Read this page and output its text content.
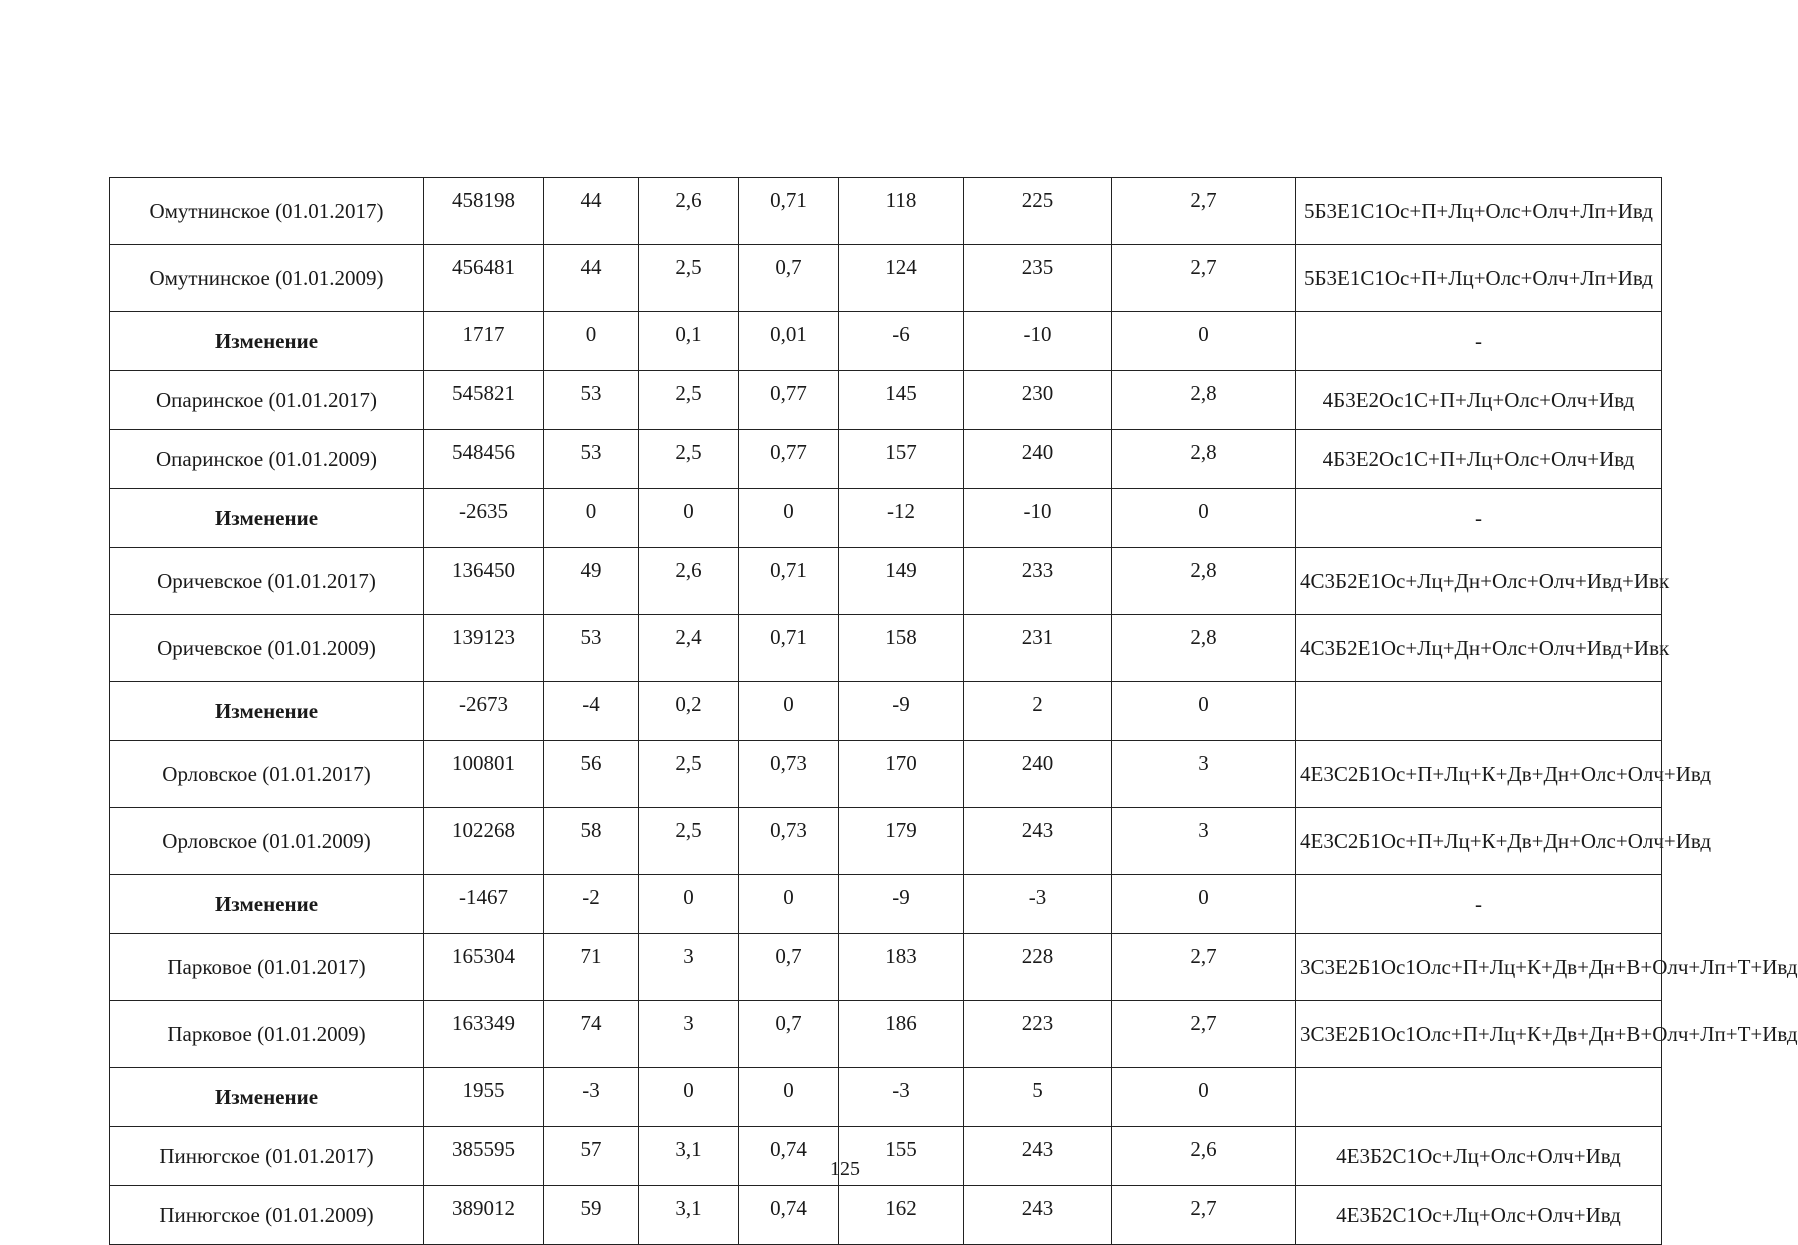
Омутнинское (01.01.2017)	458198	44	2,6	0,71	118	225	2,7	5Б3Е1С1Ос+П+Лц+Олс+Олч+Лп+Ивд
Омутнинское (01.01.2009)	456481	44	2,5	0,7	124	235	2,7	5Б3Е1С1Ос+П+Лц+Олс+Олч+Лп+Ивд
Изменение	1717	0	0,1	0,01	-6	-10	0	-
Опаринское (01.01.2017)	545821	53	2,5	0,77	145	230	2,8	4Б3Е2Ос1С+П+Лц+Олс+Олч+Ивд
Опаринское (01.01.2009)	548456	53	2,5	0,77	157	240	2,8	4Б3Е2Ос1С+П+Лц+Олс+Олч+Ивд
Изменение	-2635	0	0	0	-12	-10	0	-
Оричевское (01.01.2017)	136450	49	2,6	0,71	149	233	2,8	4С3Б2Е1Ос+Лц+Дн+Олс+Олч+Ивд+Ивк
Оричевское (01.01.2009)	139123	53	2,4	0,71	158	231	2,8	4С3Б2Е1Ос+Лц+Дн+Олс+Олч+Ивд+Ивк
Изменение	-2673	-4	0,2	0	-9	2	0	
Орловское (01.01.2017)	100801	56	2,5	0,73	170	240	3	4Е3С2Б1Ос+П+Лц+К+Дв+Дн+Олс+Олч+Ивд
Орловское (01.01.2009)	102268	58	2,5	0,73	179	243	3	4Е3С2Б1Ос+П+Лц+К+Дв+Дн+Олс+Олч+Ивд
Изменение	-1467	-2	0	0	-9	-3	0	-
Парковое (01.01.2017)	165304	71	3	0,7	183	228	2,7	3С3Е2Б1Ос1Олс+П+Лц+К+Дв+Дн+В+Олч+Лп+Т+Ивд
Парковое (01.01.2009)	163349	74	3	0,7	186	223	2,7	3С3Е2Б1Ос1Олс+П+Лц+К+Дв+Дн+В+Олч+Лп+Т+Ивд
Изменение	1955	-3	0	0	-3	5	0	
Пинюгское (01.01.2017)	385595	57	3,1	0,74	155	243	2,6	4Е3Б2С1Ос+Лц+Олс+Олч+Ивд
Пинюгское (01.01.2009)	389012	59	3,1	0,74	162	243	2,7	4Е3Б2С1Ос+Лц+Олс+Олч+Ивд
125
